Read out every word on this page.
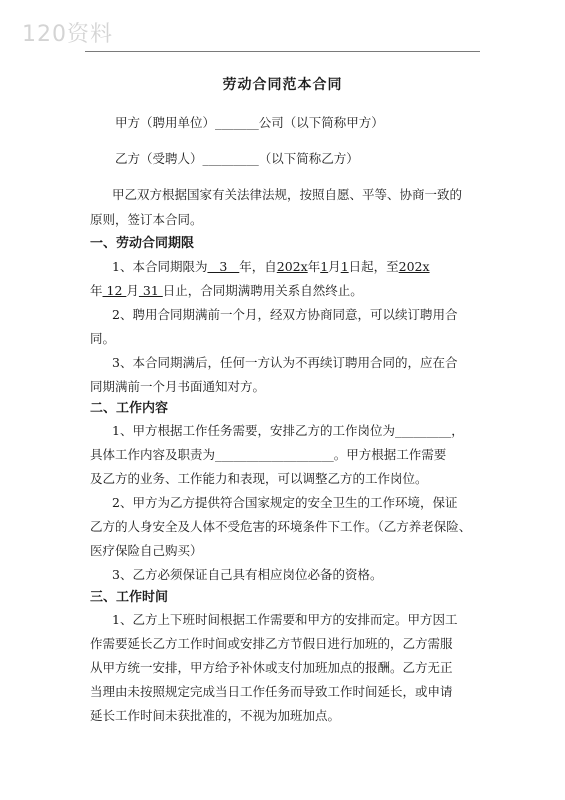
120资料
劳动合同范本合同
甲方（聘用单位）_______公司（以下简称甲方）
乙方（受聘人）_________（以下简称乙方）
甲乙双方根据国家有关法律法规，按照自愿、平等、协商一致的
原则，签订本合同。
一、劳动合同期限
1、本合同期限为   3   年，自202x年1月1日起，至202x
年 12 月 31 日止，合同期满聘用关系自然终止。
2、聘用合同期满前一个月，经双方协商同意，可以续订聘用合
同。
3、本合同期满后，任何一方认为不再续订聘用合同的，应在合
同期满前一个月书面通知对方。
二、工作内容
1、甲方根据工作任务需要，安排乙方的工作岗位为_________，
具体工作内容及职责为___________________。甲方根据工作需要
及乙方的业务、工作能力和表现，可以调整乙方的工作岗位。
2、甲方为乙方提供符合国家规定的安全卫生的工作环境，保证
乙方的人身安全及人体不受危害的环境条件下工作。（乙方养老保险、
医疗保险自己购买）
3、乙方必须保证自己具有相应岗位必备的资格。
三、工作时间
1、乙方上下班时间根据工作需要和甲方的安排而定。甲方因工
作需要延长乙方工作时间或安排乙方节假日进行加班的，乙方需服
从甲方统一安排，甲方给予补休或支付加班加点的报酬。乙方无正
当理由未按照规定完成当日工作任务而导致工作时间延长，或申请
延长工作时间未获批准的，不视为加班加点。
